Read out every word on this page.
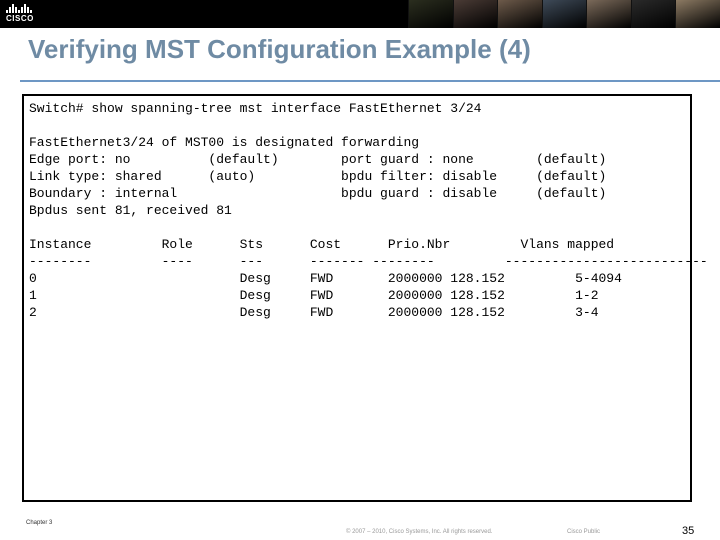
CISCO
Verifying MST Configuration Example (4)
Switch# show spanning-tree mst interface FastEthernet 3/24

FastEthernet3/24 of MST00 is designated forwarding
Edge port: no          (default)        port guard : none        (default)
Link type: shared      (auto)           bpdu filter: disable     (default)
Boundary : internal                     bpdu guard : disable     (default)
Bpdus sent 81, received 81

Instance         Role      Sts      Cost      Prio.Nbr         Vlans mapped
--------         ----      ---      ------- --------         --------------------------
0                          Desg     FWD       2000000 128.152         5-4094
1                          Desg     FWD       2000000 128.152         1-2
2                          Desg     FWD       2000000 128.152         3-4
Chapter 3
© 2007 – 2010, Cisco Systems, Inc. All rights reserved.	Cisco Public	35
